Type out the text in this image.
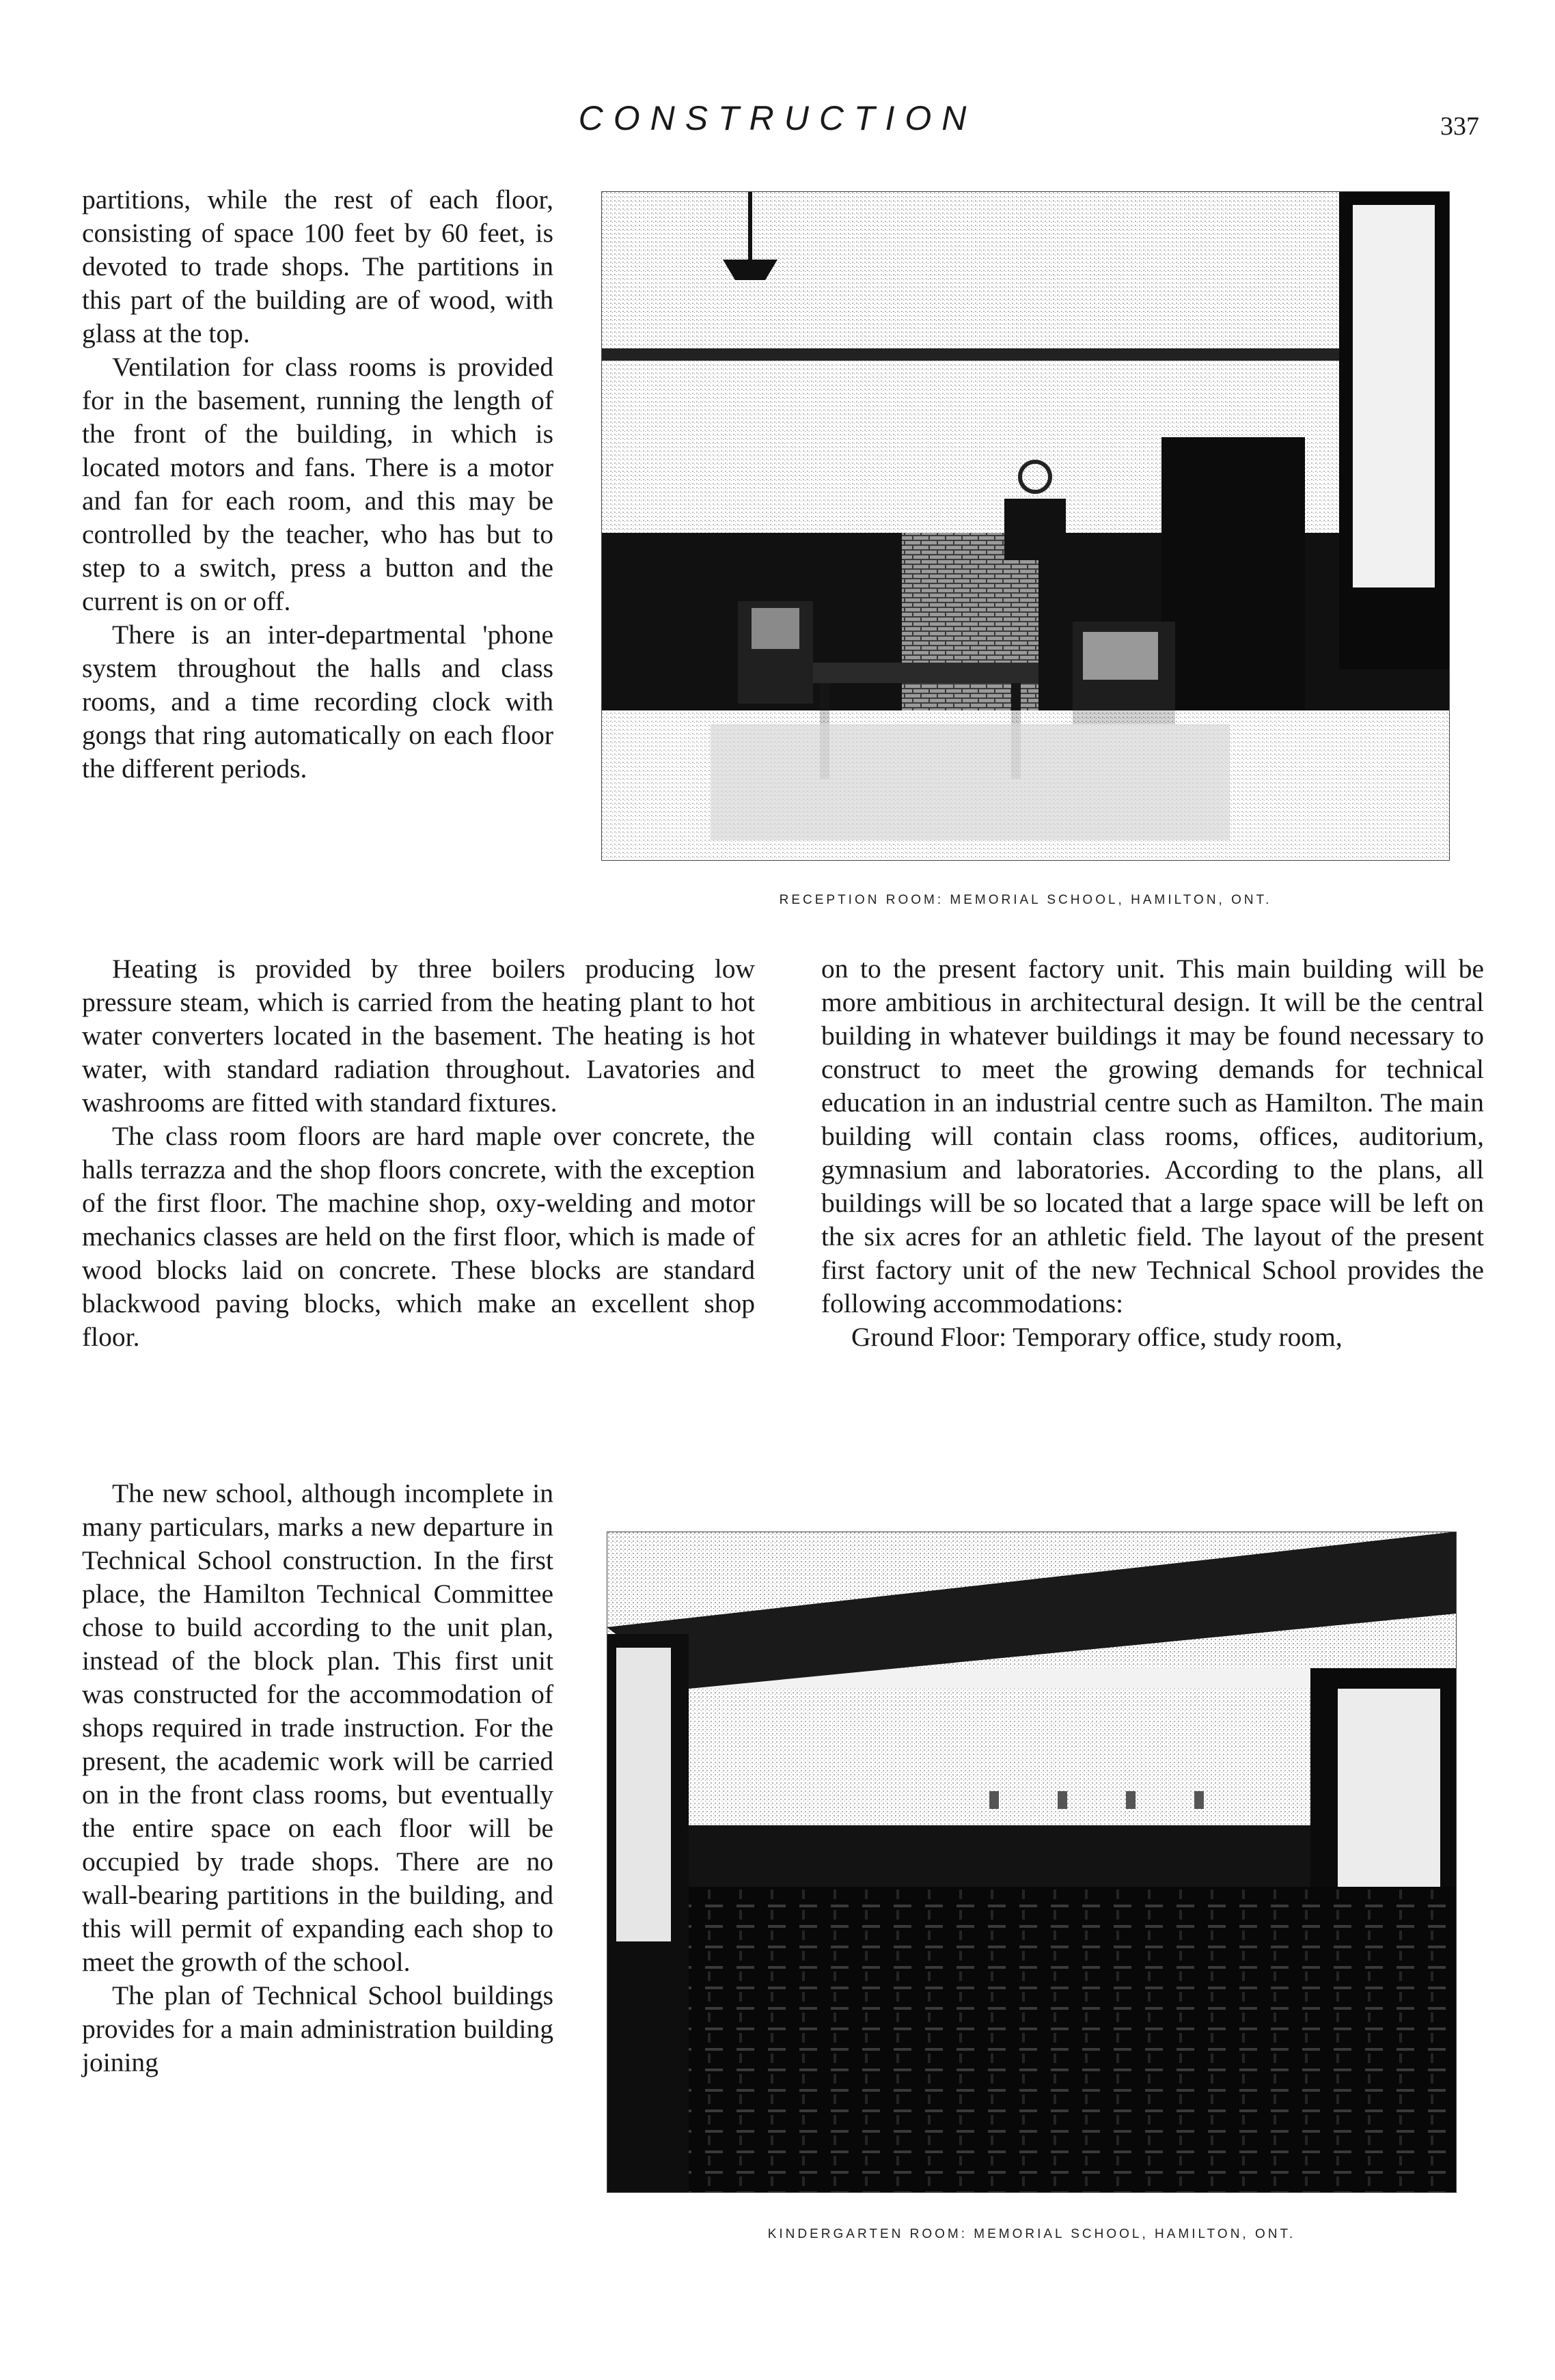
CONSTRUCTION	337

partitions, while the rest of each floor, consisting of space 100 feet by 60 feet, is devoted to trade shops. The partitions in this part of the building are of wood, with glass at the top.

Ventilation for class rooms is provided for in the basement, running the length of the front of the building, in which is located motors and fans. There is a motor and fan for each room, and this may be controlled by the teacher, who has but to step to a switch, press a button and the current is on or off.

There is an inter-departmental 'phone system throughout the halls and class rooms, and a time recording clock with gongs that ring automatically on each floor the different periods.

RECEPTION ROOM: MEMORIAL SCHOOL, HAMILTON, ONT.

Heating is provided by three boilers producing low pressure steam, which is carried from the heating plant to hot water converters located in the basement. The heating is hot water, with standard radiation throughout. Lavatories and washrooms are fitted with standard fixtures.

The class room floors are hard maple over concrete, the halls terrazza and the shop floors concrete, with the exception of the first floor. The machine shop, oxy-welding and motor mechanics classes are held on the first floor, which is made of wood blocks laid on concrete. These blocks are standard blackwood paving blocks, which make an excellent shop floor.

on to the present factory unit. This main building will be more ambitious in architectural design. It will be the central building in whatever buildings it may be found necessary to construct to meet the growing demands for technical education in an industrial centre such as Hamilton. The main building will contain class rooms, offices, auditorium, gymnasium and laboratories. According to the plans, all buildings will be so located that a large space will be left on the six acres for an athletic field. The layout of the present first factory unit of the new Technical School provides the following accommodations:

Ground Floor: Temporary office, study room,

The new school, although incomplete in many particulars, marks a new departure in Technical School construction. In the first place, the Hamilton Technical Committee chose to build according to the unit plan, instead of the block plan. This first unit was constructed for the accommodation of shops required in trade instruction. For the present, the academic work will be carried on in the front class rooms, but eventually the entire space on each floor will be occupied by trade shops. There are no wall-bearing partitions in the building, and this will permit of expanding each shop to meet the growth of the school.

The plan of Technical School buildings provides for a main administration building joining

KINDERGARTEN ROOM: MEMORIAL SCHOOL, HAMILTON, ONT.
